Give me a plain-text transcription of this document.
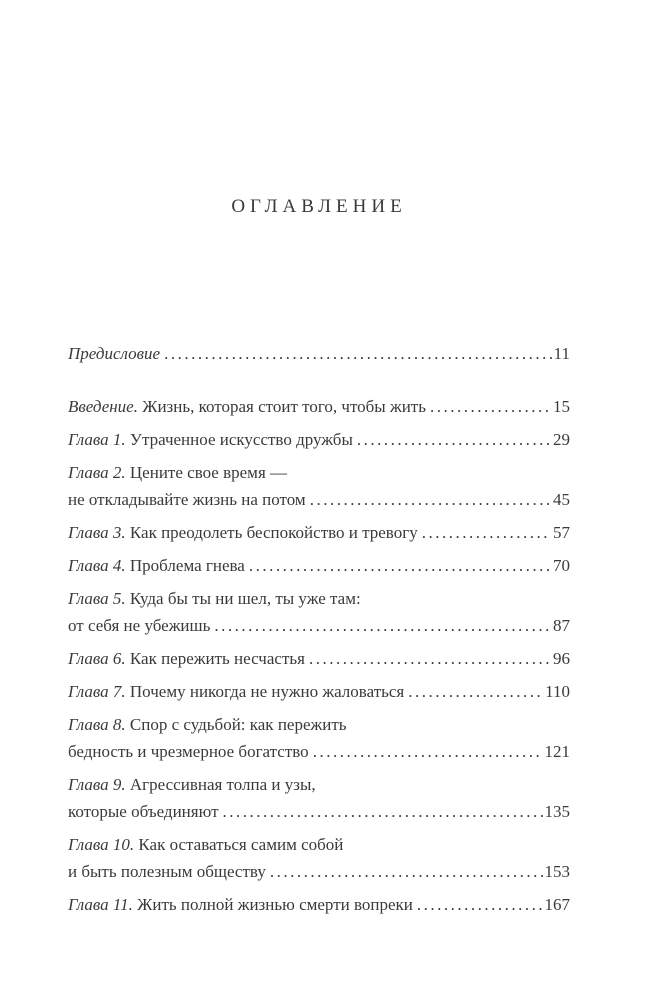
ОГЛАВЛЕНИЕ
Предисловие .....	11
Введение. Жизнь, которая стоит того, чтобы жить .....	15
Глава 1. Утраченное искусство дружбы .....	29
Глава 2. Цените свое время —
не откладывайте жизнь на потом .....	45
Глава 3. Как преодолеть беспокойство и тревогу .....	57
Глава 4. Проблема гнева .....	70
Глава 5. Куда бы ты ни шел, ты уже там:
от себя не убежишь .....	87
Глава 6. Как пережить несчастья .....	96
Глава 7. Почему никогда не нужно жаловаться .....	110
Глава 8. Спор с судьбой: как пережить
бедность и чрезмерное богатство .....	121
Глава 9. Агрессивная толпа и узы,
которые объединяют .....	135
Глава 10. Как оставаться самим собой
и быть полезным обществу .....	153
Глава 11. Жить полной жизнью смерти вопреки .....	167
